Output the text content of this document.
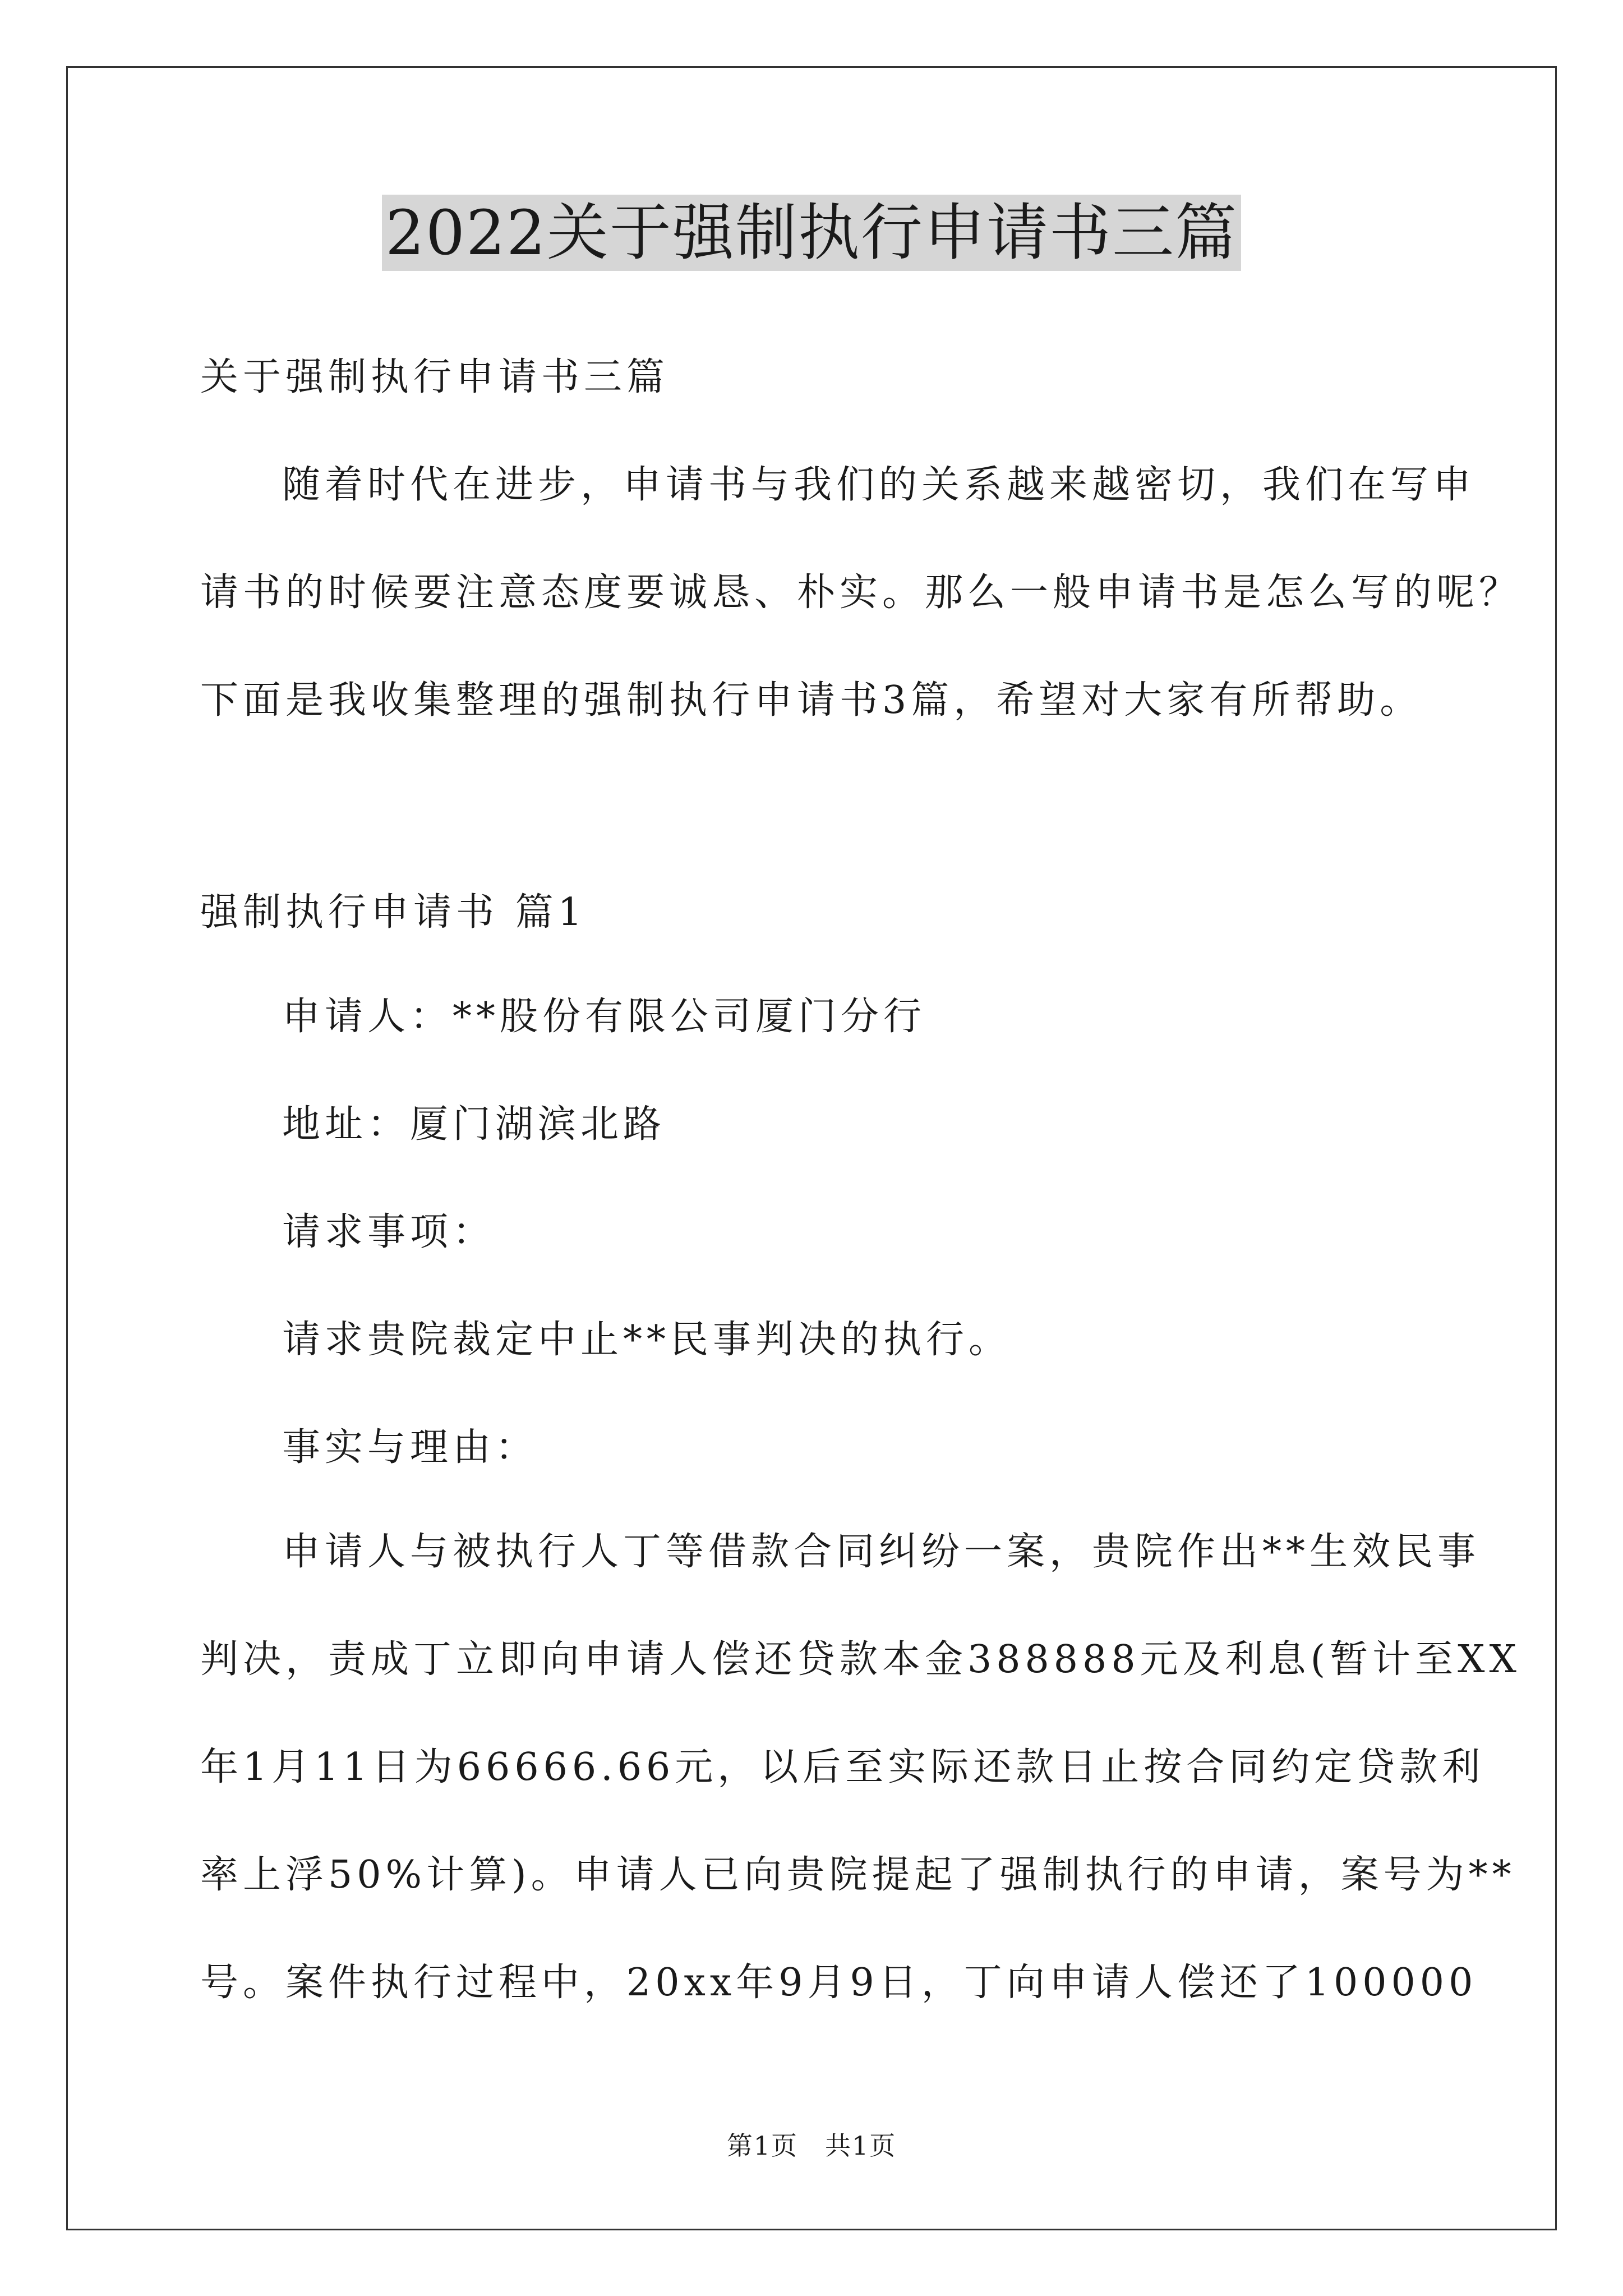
2022关于强制执行申请书三篇
关于强制执行申请书三篇
随着时代在进步，申请书与我们的关系越来越密切，我们在写申
请书的时候要注意态度要诚恳、朴实。那么一般申请书是怎么写的呢？
下面是我收集整理的强制执行申请书3篇，希望对大家有所帮助。
强制执行申请书 篇1
申请人：**股份有限公司厦门分行
地址：厦门湖滨北路
请求事项：
请求贵院裁定中止**民事判决的执行。
事实与理由：
申请人与被执行人丁等借款合同纠纷一案，贵院作出**生效民事
判决，责成丁立即向申请人偿还贷款本金388888元及利息(暂计至XX
年1月11日为66666.66元，以后至实际还款日止按合同约定贷款利
率上浮50%计算)。申请人已向贵院提起了强制执行的申请，案号为**
号。案件执行过程中，20xx年9月9日，丁向申请人偿还了100000
第1页　共1页
